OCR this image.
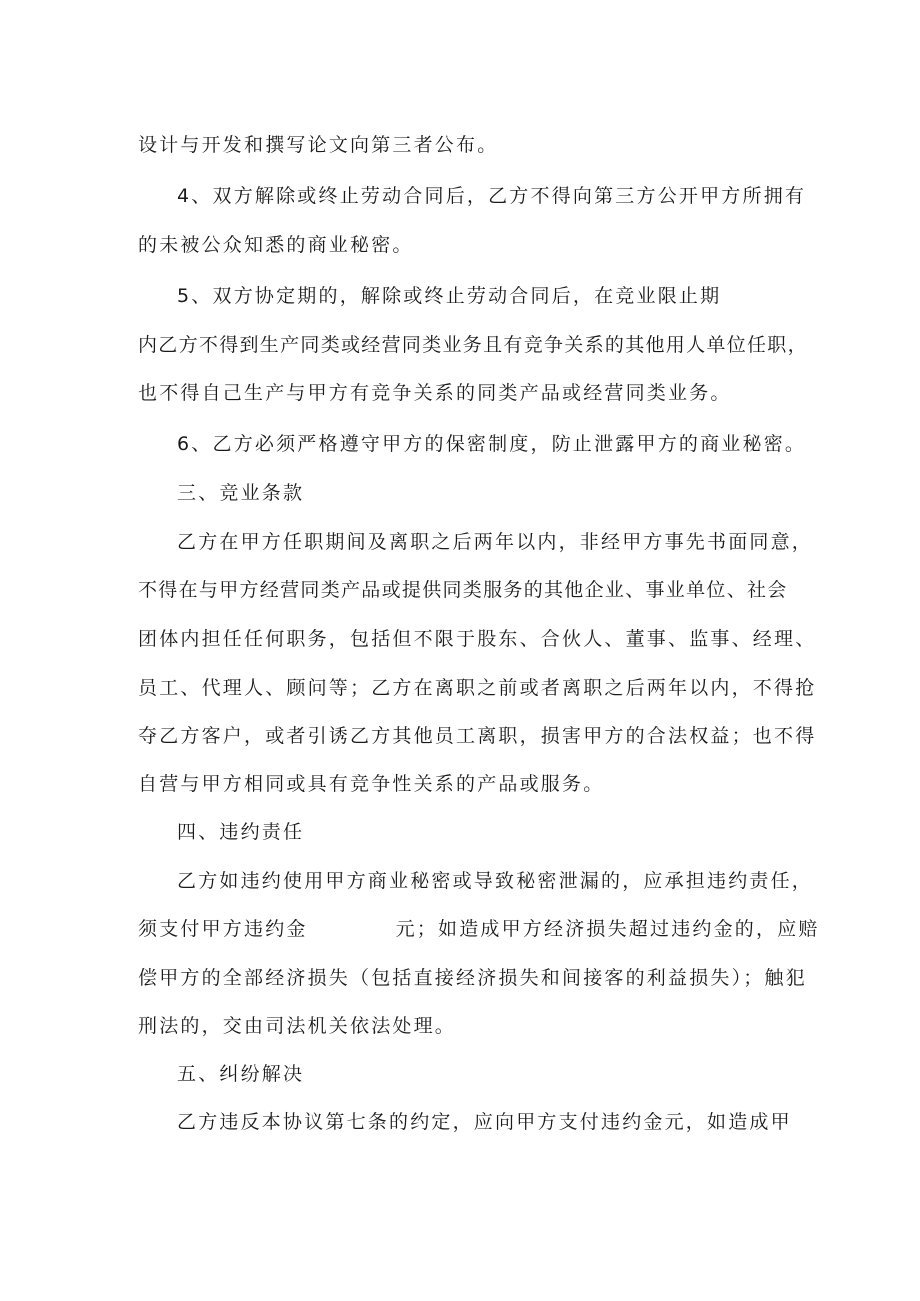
设计与开发和撰写论文向第三者公布。
4、双方解除或终止劳动合同后，乙方不得向第三方公开甲方所拥有
的未被公众知悉的商业秘密。
5、双方协定期的，解除或终止劳动合同后，在竞业限止期
内乙方不得到生产同类或经营同类业务且有竞争关系的其他用人单位任职，
也不得自己生产与甲方有竞争关系的同类产品或经营同类业务。
6、乙方必须严格遵守甲方的保密制度，防止泄露甲方的商业秘密。
三、竞业条款
乙方在甲方任职期间及离职之后两年以内，非经甲方事先书面同意，
不得在与甲方经营同类产品或提供同类服务的其他企业、事业单位、社会
团体内担任任何职务，包括但不限于股东、合伙人、董事、监事、经理、
员工、代理人、顾问等；乙方在离职之前或者离职之后两年以内，不得抢
夺乙方客户，或者引诱乙方其他员工离职，损害甲方的合法权益；也不得
自营与甲方相同或具有竞争性关系的产品或服务。
四、违约责任
乙方如违约使用甲方商业秘密或导致秘密泄漏的，应承担违约责任，
须支付甲方违约金	元；如造成甲方经济损失超过违约金的，应赔
偿甲方的全部经济损失（包括直接经济损失和间接客的利益损失）；触犯
刑法的，交由司法机关依法处理。
五、纠纷解决
乙方违反本协议第七条的约定，应向甲方支付违约金元，如造成甲
